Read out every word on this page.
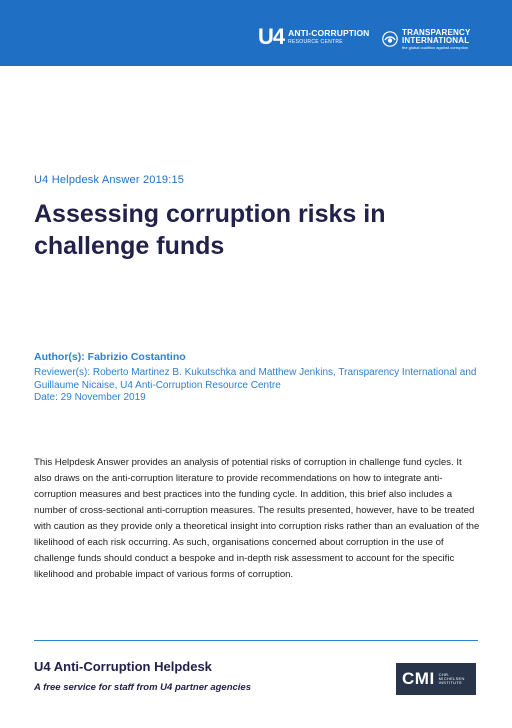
U4 ANTI-CORRUPTION
RESOURCE CENTRE
TRANSPARENCY
INTERNATIONAL
the global coalition against corruption
U4 Helpdesk Answer 2019:15
Assessing corruption risks in challenge funds
Author(s): Fabrizio Costantino
Reviewer(s): Roberto Martinez B. Kukutschka and Matthew Jenkins, Transparency International and Guillaume Nicaise, U4 Anti-Corruption Resource Centre
Date: 29 November 2019

This Helpdesk Answer provides an analysis of potential risks of corruption in challenge fund cycles. It also draws on the anti-corruption literature to provide recommendations on how to integrate anti-corruption measures and best practices into the funding cycle. In addition, this brief also includes a number of cross-sectional anti-corruption measures. The results presented, however, have to be treated with caution as they provide only a theoretical insight into corruption risks rather than an evaluation of the likelihood of each risk occurring. As such, organisations concerned about corruption in the use of challenge funds should conduct a bespoke and in-depth risk assessment to account for the specific likelihood and probable impact of various forms of corruption.

U4 Anti-Corruption Helpdesk
A free service for staff from U4 partner agencies	CMI CHR.
MICHELSEN
INSTITUTE
